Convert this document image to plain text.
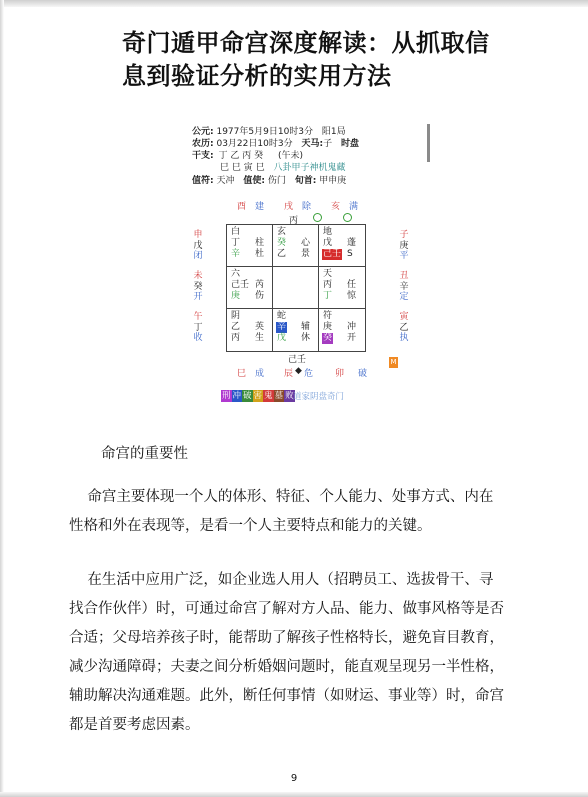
奇门遁甲命宫深度解读：从抓取信
息到验证分析的实用方法
公元: 1977年5月9日10时3分 阳1局
农历: 03月22日10时3分 天马:子 时盘
干支: 丁 乙 丙 癸 (午未)
巳 巳 寅 巳 八卦甲子神机鬼藏
值符: 天冲 值使: 伤门 旬首: 甲申庚
酉 建 戌 除 亥 满
丙
申
戊
闭
未
癸
开
午
丁
收
子
庚
平
丑
辛
定
寅
乙
执
白
丁 柱
辛 杜
玄
癸 心
乙 景
地
戊 蓬
己壬 S
六
己壬 芮
庚 伤
天
丙 任
丁 惊
阴
乙 英
丙 生
蛇
辛 辅
戊 休
符
庚 冲
癸 开
己壬
巳 成 辰 ◆ 危 卯 破
M
刑 冲 破 害 鬼 墓 败 道家阴盘奇门
命宫的重要性
命宫主要体现一个人的体形、特征、个人能力、处事方式、内在
性格和外在表现等，是看一个人主要特点和能力的关键。
在生活中应用广泛，如企业选人用人（招聘员工、选拔骨干、寻
找合作伙伴）时，可通过命宫了解对方人品、能力、做事风格等是否
合适；父母培养孩子时，能帮助了解孩子性格特长，避免盲目教育，
减少沟通障碍；夫妻之间分析婚姻问题时，能直观呈现另一半性格，
辅助解决沟通难题。此外，断任何事情（如财运、事业等）时，命宫
都是首要考虑因素。
9
